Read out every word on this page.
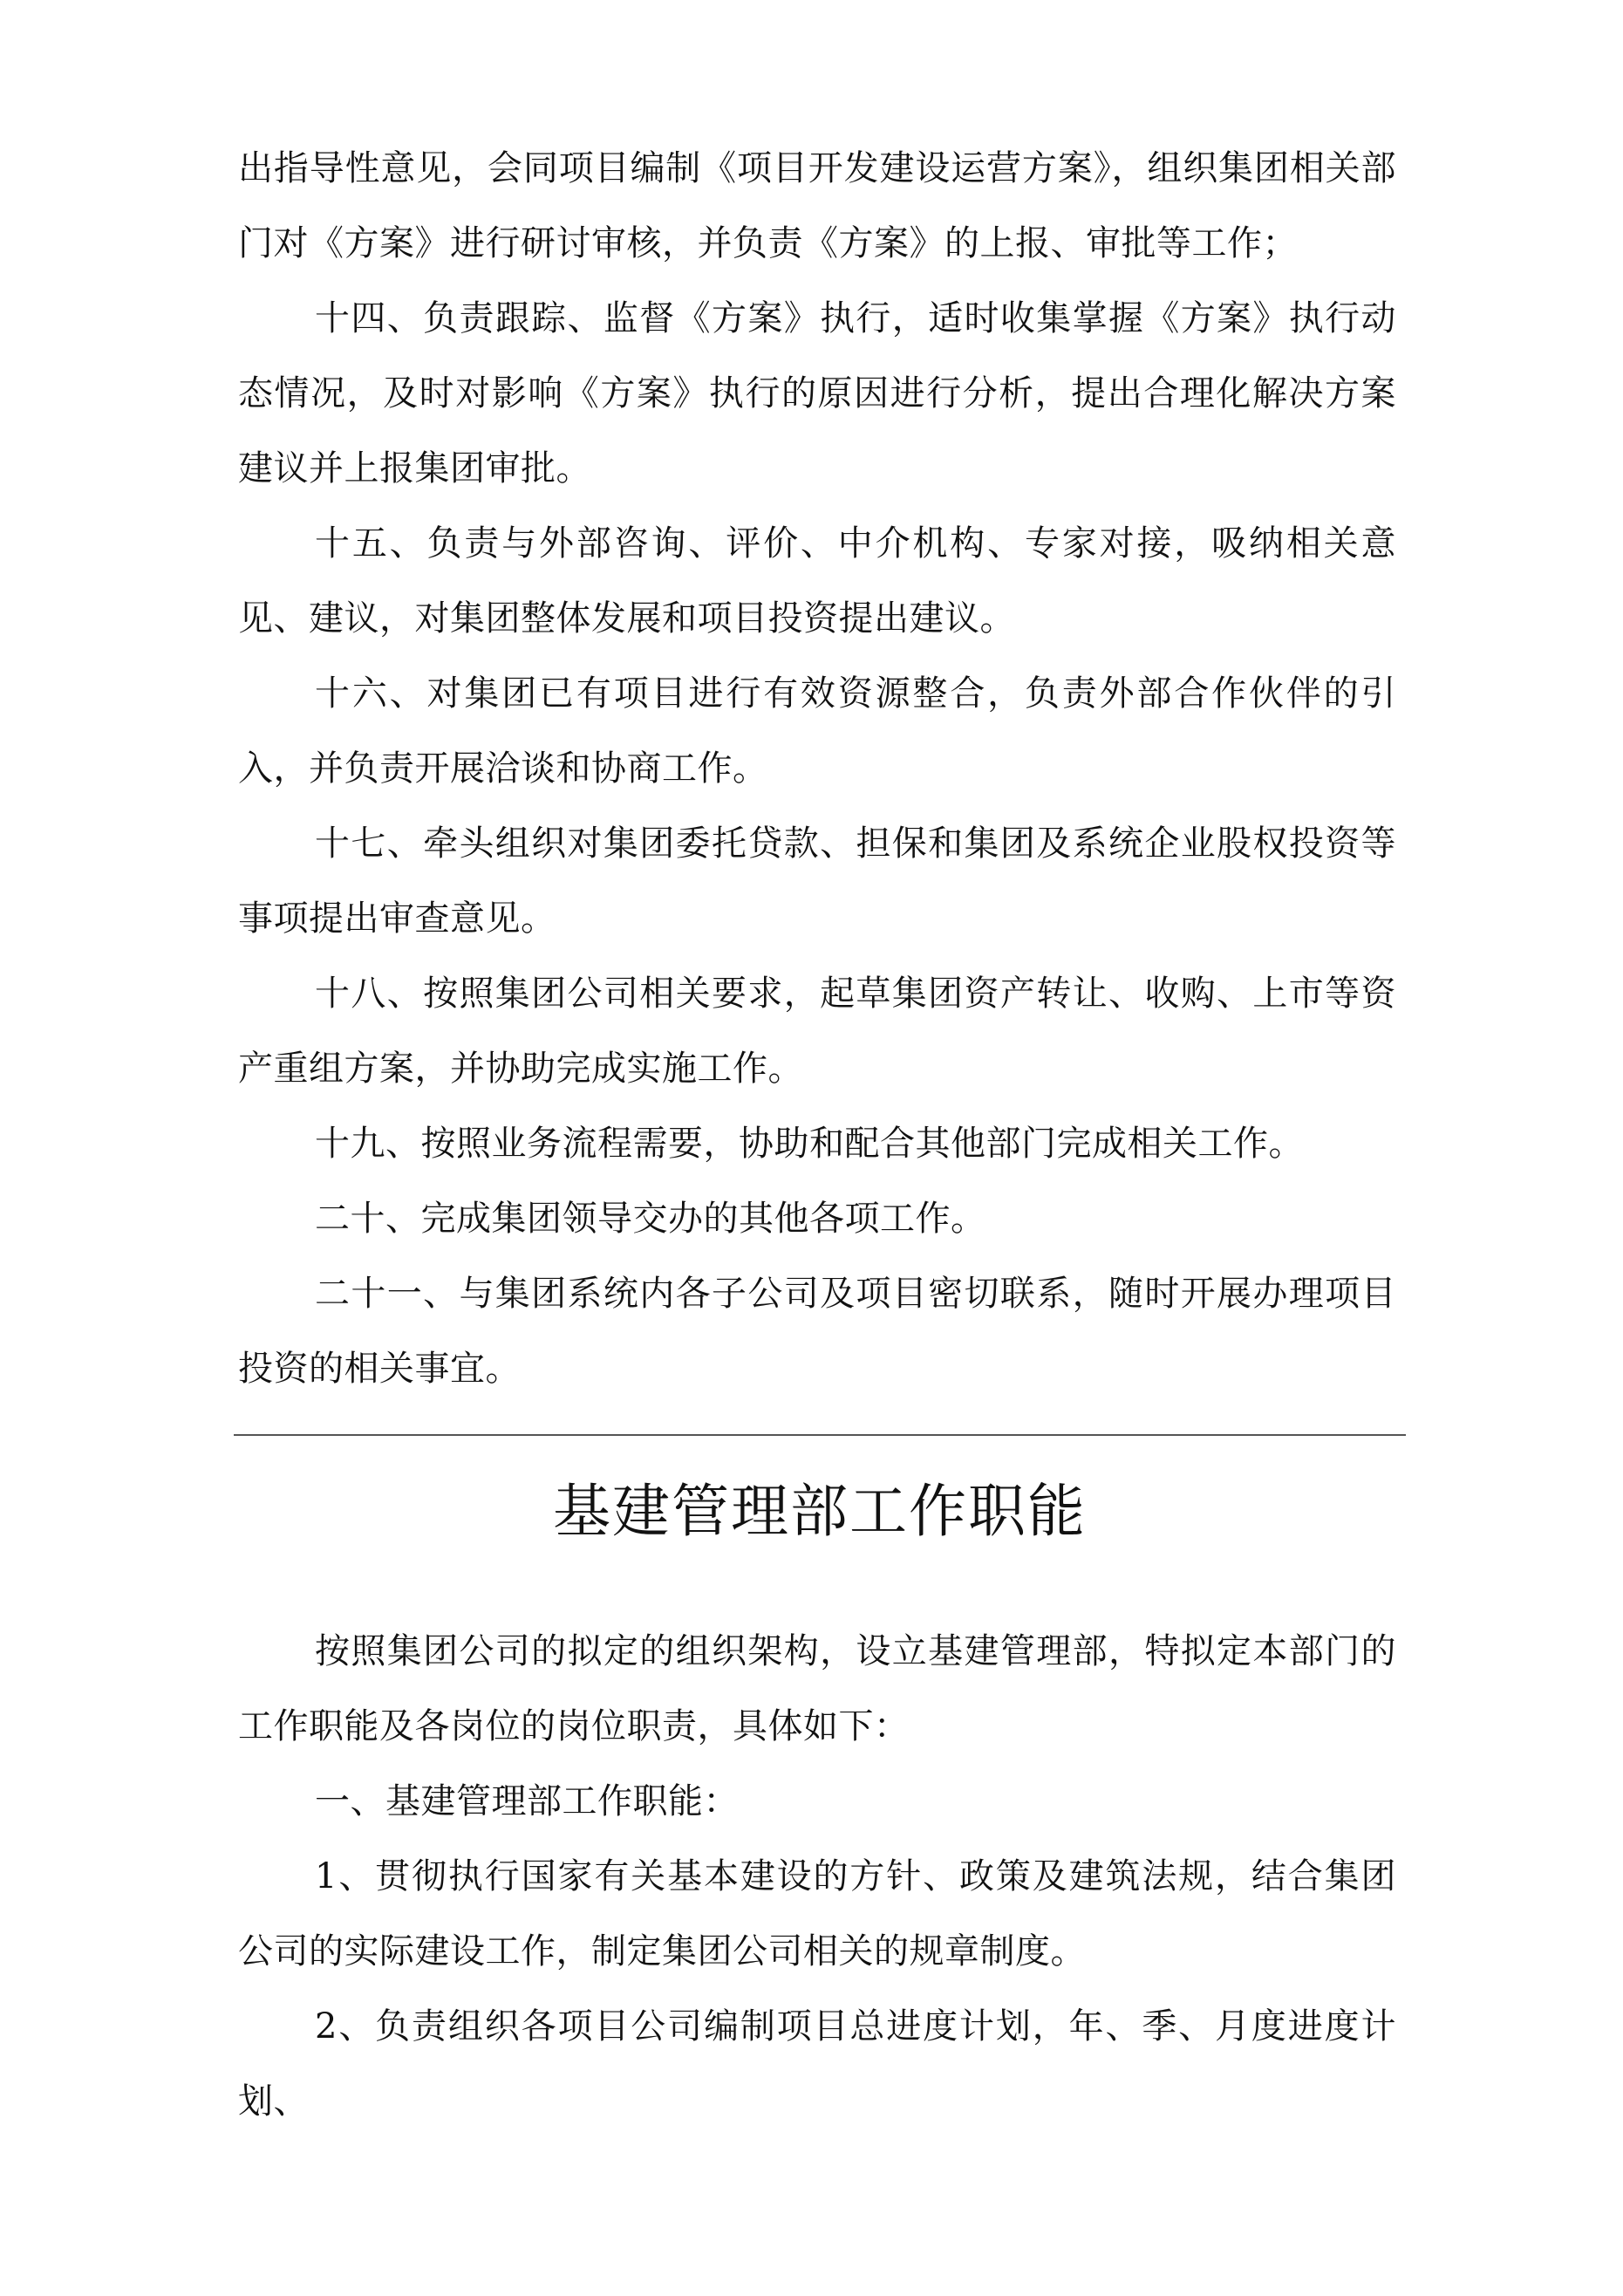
出指导性意见，会同项目编制《项目开发建设运营方案》，组织集团相关部门对《方案》进行研讨审核，并负责《方案》的上报、审批等工作；

十四、负责跟踪、监督《方案》执行，适时收集掌握《方案》执行动态情况，及时对影响《方案》执行的原因进行分析，提出合理化解决方案建议并上报集团审批。

十五、负责与外部咨询、评价、中介机构、专家对接，吸纳相关意见、建议，对集团整体发展和项目投资提出建议。

十六、对集团已有项目进行有效资源整合，负责外部合作伙伴的引入，并负责开展洽谈和协商工作。

十七、牵头组织对集团委托贷款、担保和集团及系统企业股权投资等事项提出审查意见。

十八、按照集团公司相关要求，起草集团资产转让、收购、上市等资产重组方案，并协助完成实施工作。

十九、按照业务流程需要，协助和配合其他部门完成相关工作。

二十、完成集团领导交办的其他各项工作。

二十一、与集团系统内各子公司及项目密切联系，随时开展办理项目投资的相关事宜。

基建管理部工作职能

按照集团公司的拟定的组织架构，设立基建管理部，特拟定本部门的工作职能及各岗位的岗位职责，具体如下：

一、基建管理部工作职能：

1、贯彻执行国家有关基本建设的方针、政策及建筑法规，结合集团公司的实际建设工作，制定集团公司相关的规章制度。

2、负责组织各项目公司编制项目总进度计划，年、季、月度进度计划、
